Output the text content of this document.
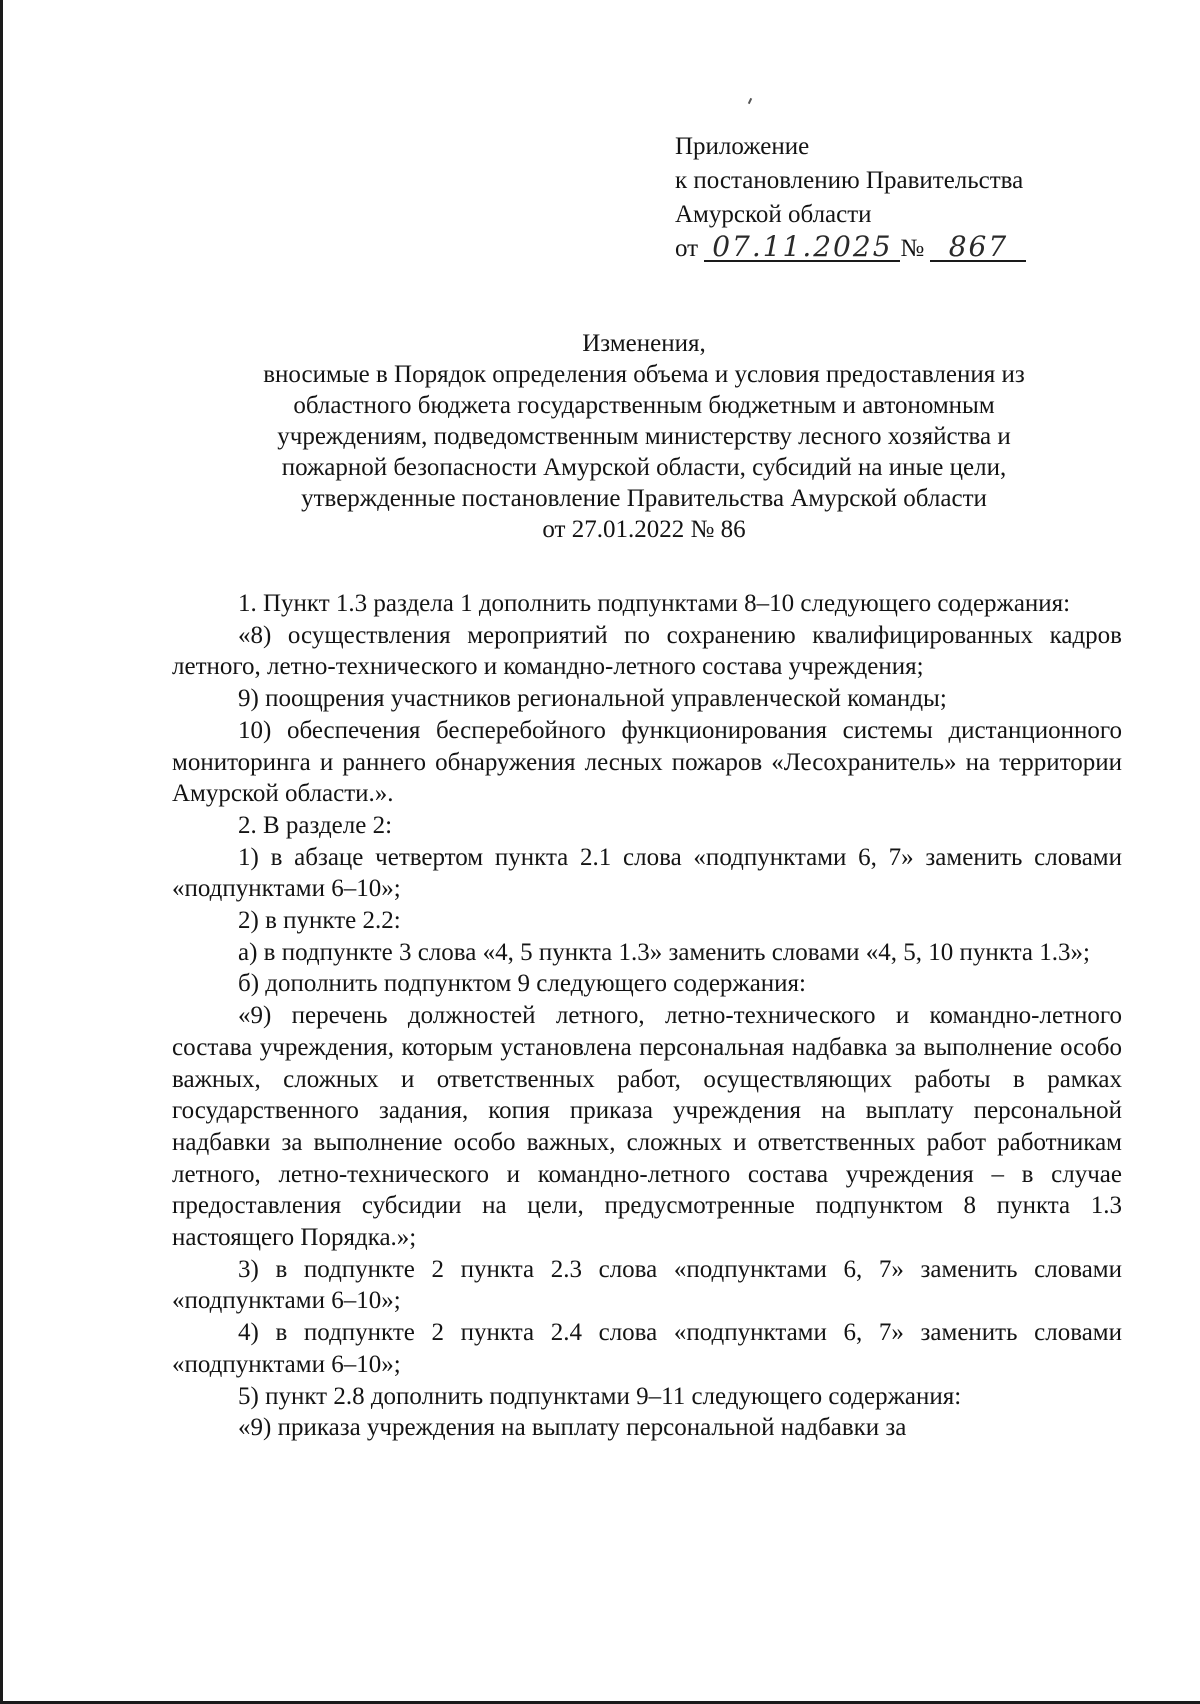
Приложение
к постановлению Правительства
Амурской области
от 07.11.2025 № 867
Изменения,
вносимые в Порядок определения объема и условия предоставления из
областного бюджета государственным бюджетным и автономным
учреждениям, подведомственным министерству лесного хозяйства и
пожарной безопасности Амурской области, субсидий на иные цели,
утвержденные постановление Правительства Амурской области
от 27.01.2022 № 86

1. Пункт 1.3 раздела 1 дополнить подпунктами 8–10 следующего содержания:

«8) осуществления мероприятий по сохранению квалифицированных кадров летного, летно-технического и командно-летного состава учреждения;

9) поощрения участников региональной управленческой команды;

10) обеспечения бесперебойного функционирования системы дистанционного мониторинга и раннего обнаружения лесных пожаров «Лесохранитель» на территории Амурской области.».

2. В разделе 2:

1) в абзаце четвертом пункта 2.1 слова «подпунктами 6, 7» заменить словами «подпунктами 6–10»;

2) в пункте 2.2:

а) в подпункте 3 слова «4, 5 пункта 1.3» заменить словами «4, 5, 10 пункта 1.3»;

б) дополнить подпунктом 9 следующего содержания:

«9) перечень должностей летного, летно-технического и командно-летного состава учреждения, которым установлена персональная надбавка за выполнение особо важных, сложных и ответственных работ, осуществляющих работы в рамках государственного задания, копия приказа учреждения на выплату персональной надбавки за выполнение особо важных, сложных и ответственных работ работникам летного, летно-технического и командно-летного состава учреждения – в случае предоставления субсидии на цели, предусмотренные подпунктом 8 пункта 1.3 настоящего Порядка.»;

3) в подпункте 2 пункта 2.3 слова «подпунктами 6, 7» заменить словами «подпунктами 6–10»;

4) в подпункте 2 пункта 2.4 слова «подпунктами 6, 7» заменить словами «подпунктами 6–10»;

5) пункт 2.8 дополнить подпунктами 9–11 следующего содержания:

«9) приказа учреждения на выплату персональной надбавки за
